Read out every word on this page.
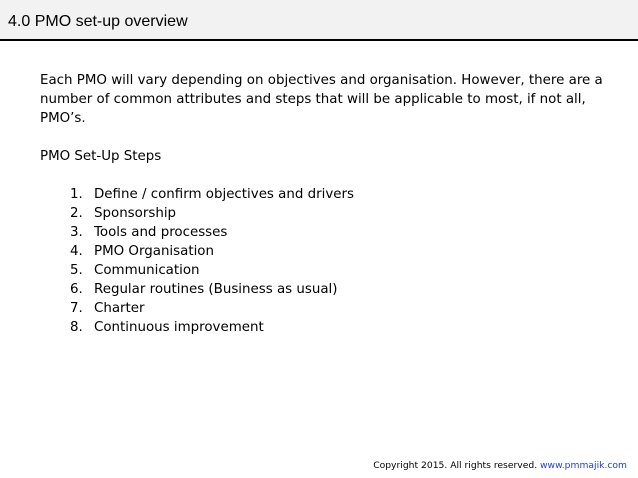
4.0 PMO set-up overview

Each PMO will vary depending on objectives and organisation. However, there are a number of common attributes and steps that will be applicable to most, if not all, PMO’s.

PMO Set-Up Steps

1. Define / confirm objectives and drivers
2. Sponsorship
3. Tools and processes
4. PMO Organisation
5. Communication
6. Regular routines (Business as usual)
7. Charter
8. Continuous improvement
Copyright 2015. All rights reserved. www.pmmajik.com
